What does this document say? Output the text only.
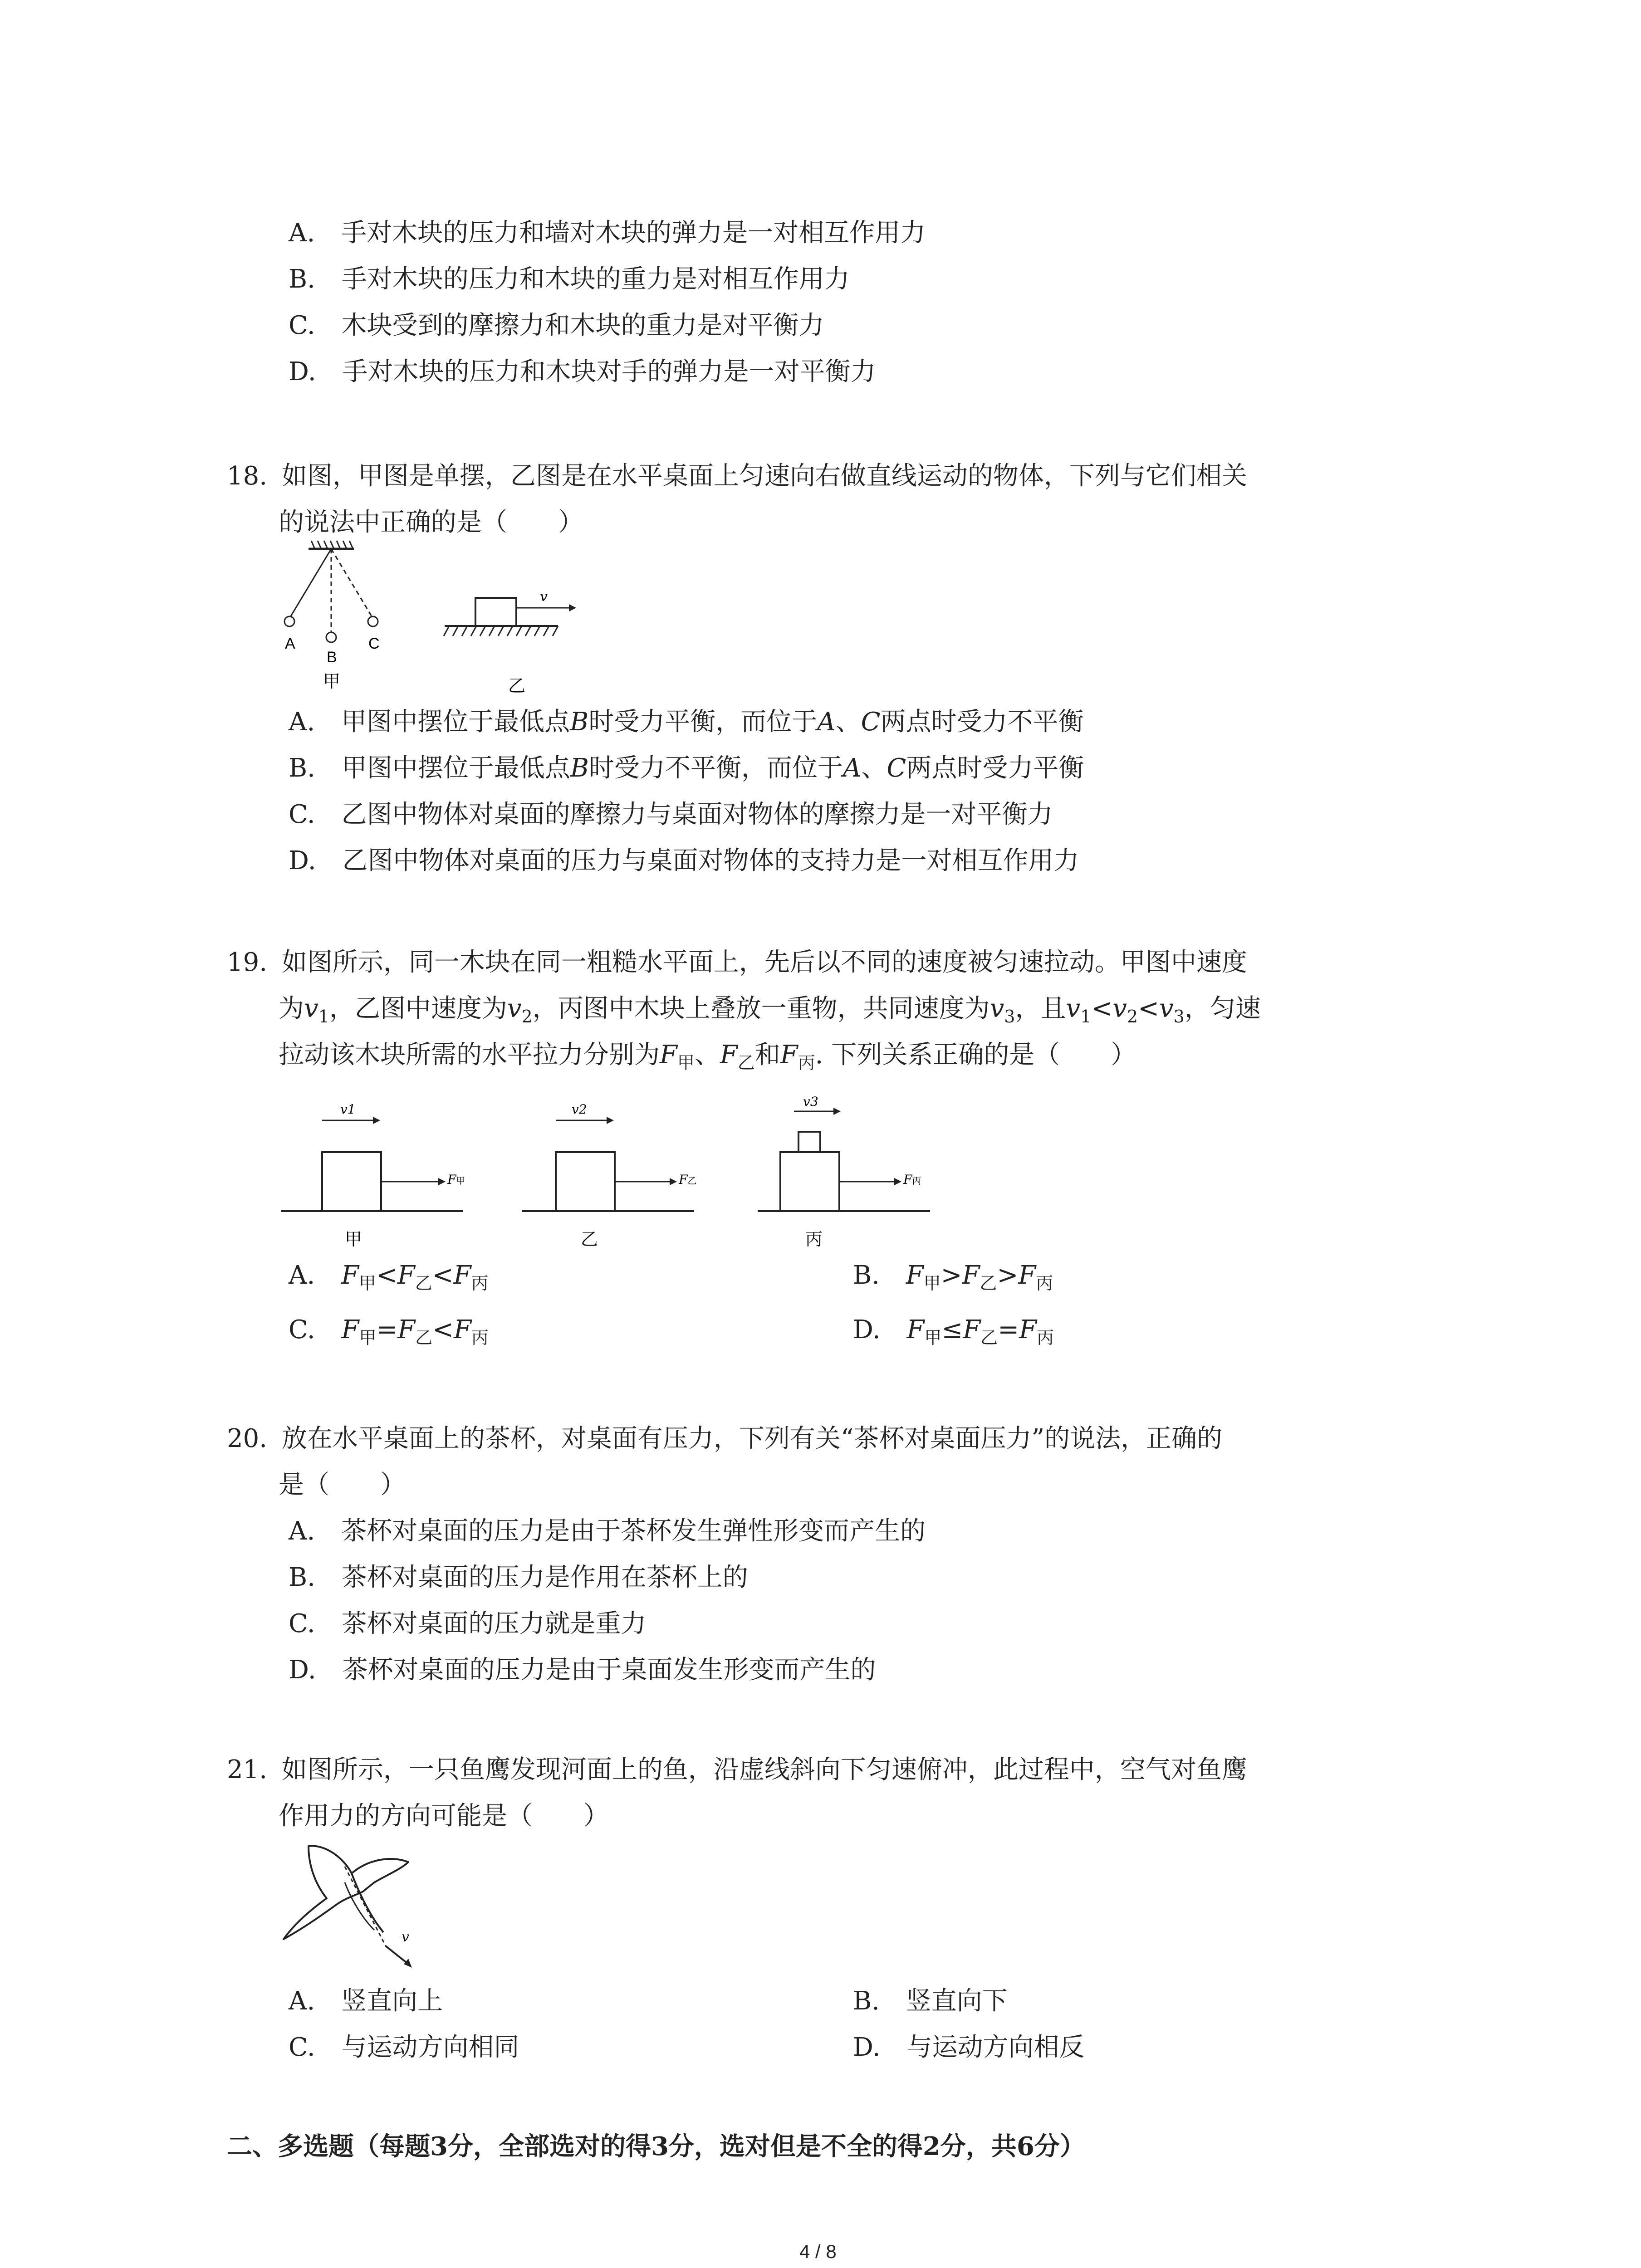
A. 手对木块的压力和墙对木块的弹力是一对相互作用力
B. 手对木块的压力和木块的重力是对相互作用力
C. 木块受到的摩擦力和木块的重力是对平衡力
D. 手对木块的压力和木块对手的弹力是一对平衡力
18. 如图，甲图是单摆，乙图是在水平桌面上匀速向右做直线运动的物体，下列与它们相关
的说法中正确的是（　　）
A
B
C
甲
v
乙
A. 甲图中摆位于最低点B时受力平衡，而位于A、C两点时受力不平衡
B. 甲图中摆位于最低点B时受力不平衡，而位于A、C两点时受力平衡
C. 乙图中物体对桌面的摩擦力与桌面对物体的摩擦力是一对平衡力
D. 乙图中物体对桌面的压力与桌面对物体的支持力是一对相互作用力
19. 如图所示，同一木块在同一粗糙水平面上，先后以不同的速度被匀速拉动。甲图中速度
为$v_1$，乙图中速度为$v_2$，丙图中木块上叠放一重物，共同速度为$v_3$，且$v_1<v_2<v_3$，匀速
拉动该木块所需的水平拉力分别为$F_甲$、$F_乙$和$F_丙$. 下列关系正确的是（　　）
v1
F甲
甲
v2
F乙
乙
v3
F丙
丙
A. $F_甲<F_乙<F_丙$	B. $F_甲>F_乙>F_丙$
C. $F_甲=F_乙<F_丙$	D. $F_甲\le F_乙=F_丙$
20. 放在水平桌面上的茶杯，对桌面有压力，下列有关“茶杯对桌面压力”的说法，正确的
是（　　）
A. 茶杯对桌面的压力是由于茶杯发生弹性形变而产生的
B. 茶杯对桌面的压力是作用在茶杯上的
C. 茶杯对桌面的压力就是重力
D. 茶杯对桌面的压力是由于桌面发生形变而产生的
21. 如图所示，一只鱼鹰发现河面上的鱼，沿虚线斜向下匀速俯冲，此过程中，空气对鱼鹰
作用力的方向可能是（　　）
v
A. 竖直向上	B. 竖直向下
C. 与运动方向相同	D. 与运动方向相反
二、多选题（每题3分，全部选对的得3分，选对但是不全的得2分，共6分）
4 / 8
